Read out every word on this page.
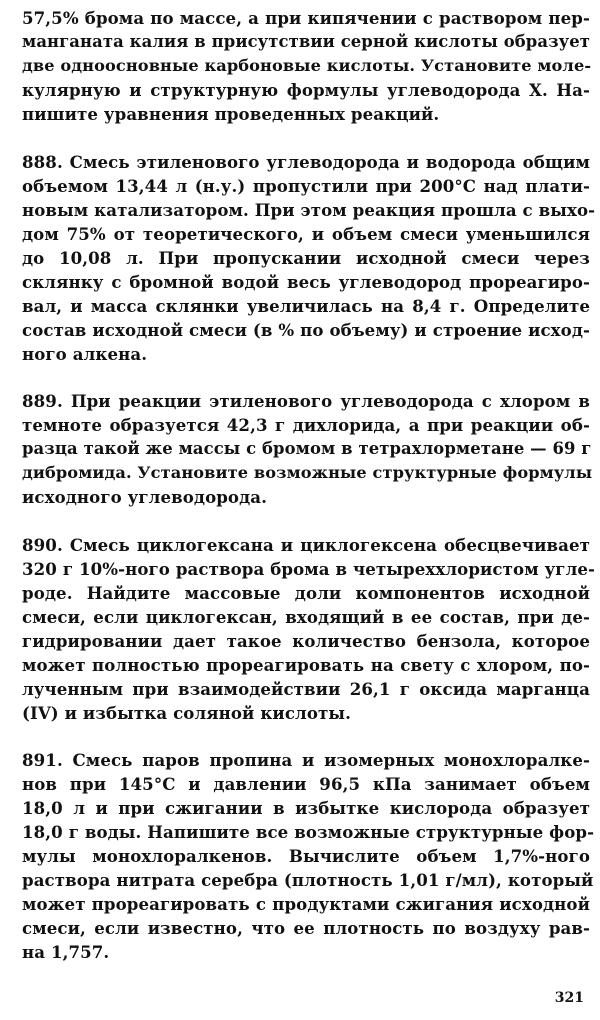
57,5% брома по массе, а при кипячении с раствором пер-
манганата калия в присутствии серной кислоты образует
две одноосновные карбоновые кислоты. Установите моле-
кулярную и структурную формулы углеводорода X. На-
пишите уравнения проведенных реакций.
888. Смесь этиленового углеводорода и водорода общим
объемом 13,44 л (н.у.) пропустили при 200°С над плати-
новым катализатором. При этом реакция прошла с выхо-
дом 75% от теоретического, и объем смеси уменьшился
до 10,08 л. При пропускании исходной смеси через
склянку с бромной водой весь углеводород прореагиро-
вал, и масса склянки увеличилась на 8,4 г. Определите
состав исходной смеси (в % по объему) и строение исход-
ного алкена.
889. При реакции этиленового углеводорода с хлором в
темноте образуется 42,3 г дихлорида, а при реакции об-
разца такой же массы с бромом в тетрахлорметане — 69 г
дибромида. Установите возможные структурные формулы
исходного углеводорода.
890. Смесь циклогексана и циклогексена обесцвечивает
320 г 10%-ного раствора брома в четыреххлористом угле-
роде. Найдите массовые доли компонентов исходной
смеси, если циклогексан, входящий в ее состав, при де-
гидрировании дает такое количество бензола, которое
может полностью прореагировать на свету с хлором, по-
лученным при взаимодействии 26,1 г оксида марганца
(IV) и избытка соляной кислоты.
891. Смесь паров пропина и изомерных монохлоралке-
нов при 145°С и давлении 96,5 кПа занимает объем
18,0 л и при сжигании в избытке кислорода образует
18,0 г воды. Напишите все возможные структурные фор-
мулы монохлоралкенов. Вычислите объем 1,7%-ного
раствора нитрата серебра (плотность 1,01 г/мл), который
может прореагировать с продуктами сжигания исходной
смеси, если известно, что ее плотность по воздуху рав-
на 1,757.
321
